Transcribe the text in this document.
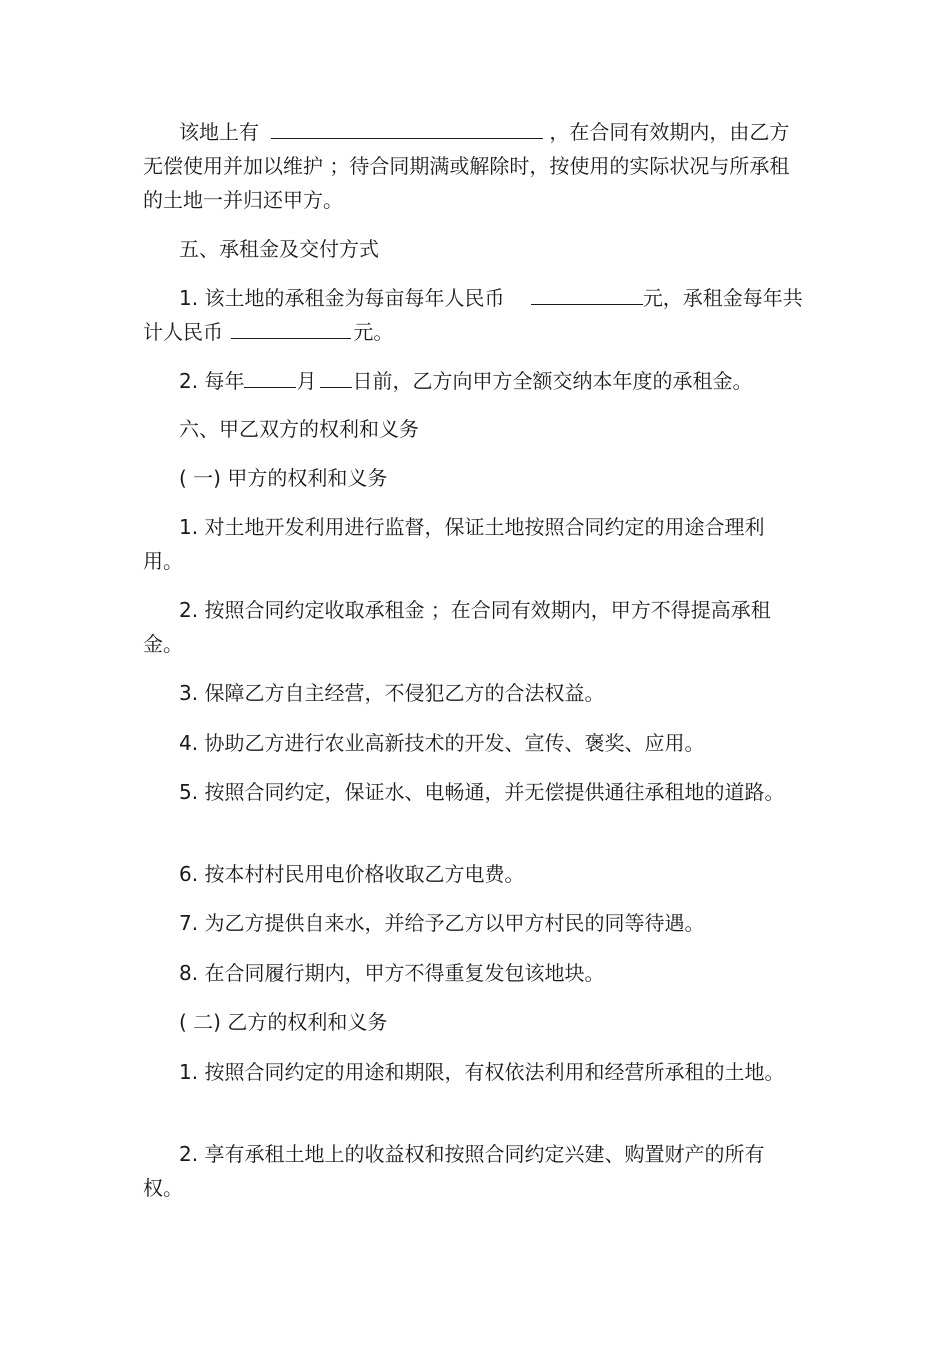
该地上有	，在合同有效期内，由乙方无偿使用并加以维护 ；待合同期满或解除时，按使用的实际状况与所承租的土地一并归还甲方。

五、承租金及交付方式

1. 该土地的承租金为每亩每年人民币	元，承租金每年共计人民币	元。

2. 每年	月 日前，乙方向甲方全额交纳本年度的承租金。

六、甲乙双方的权利和义务

( 一) 甲方的权利和义务

1. 对土地开发利用进行监督，保证土地按照合同约定的用途合理利用。

2. 按照合同约定收取承租金 ；在合同有效期内，甲方不得提高承租金。

3. 保障乙方自主经营，不侵犯乙方的合法权益。

4. 协助乙方进行农业高新技术的开发、宣传、褒奖、应用。

5. 按照合同约定，保证水、电畅通，并无偿提供通往承租地的道路。

6. 按本村村民用电价格收取乙方电费。

7. 为乙方提供自来水，并给予乙方以甲方村民的同等待遇。

8. 在合同履行期内，甲方不得重复发包该地块。

( 二) 乙方的权利和义务

1. 按照合同约定的用途和期限，有权依法利用和经营所承租的土地。

2. 享有承租土地上的收益权和按照合同约定兴建、购置财产的所有权。
